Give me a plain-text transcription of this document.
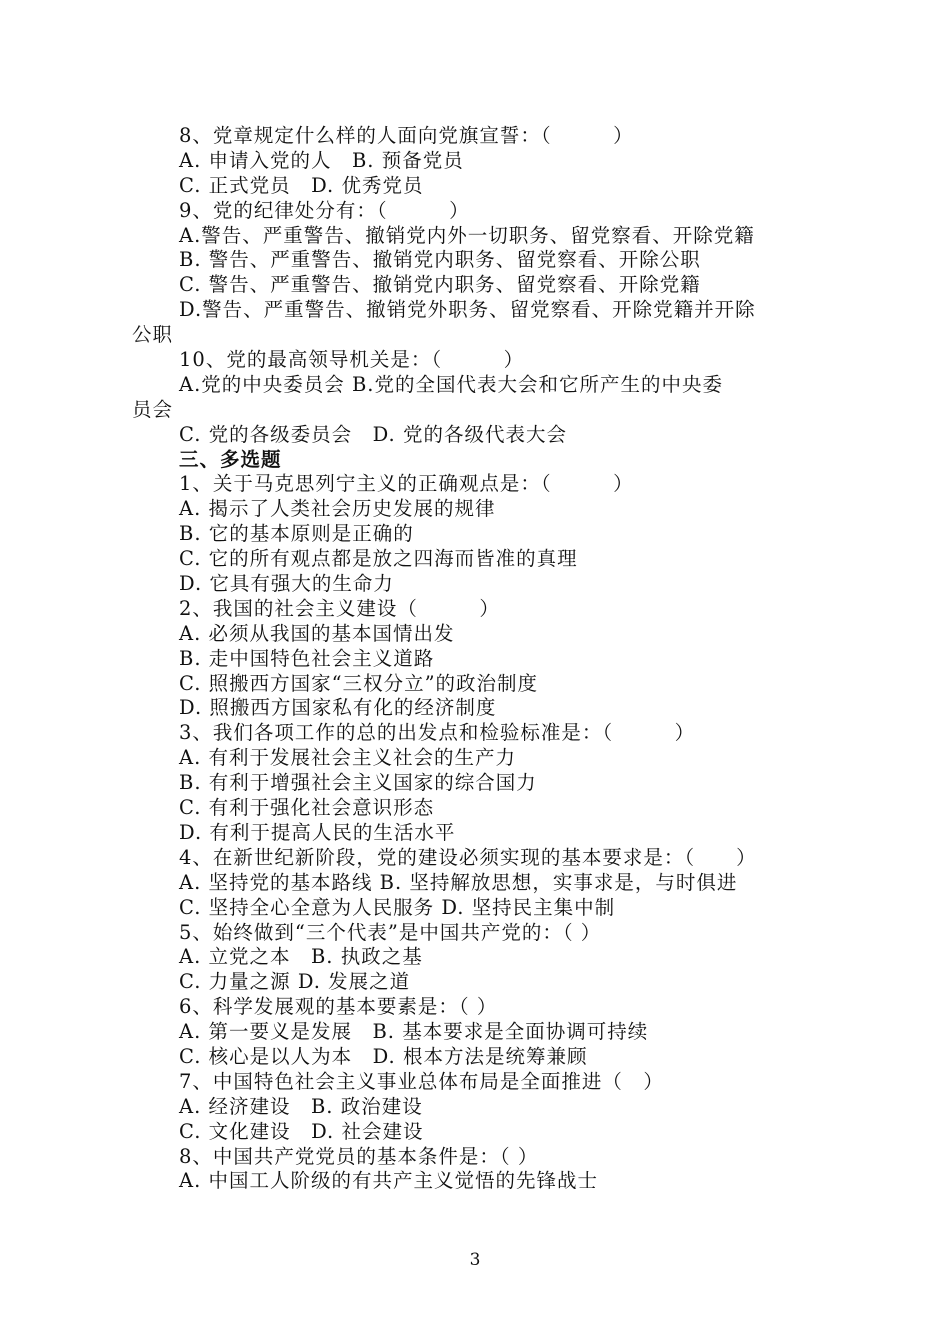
8、党章规定什么样的人面向党旗宣誓：（　　　）
A. 申请入党的人　B. 预备党员
C. 正式党员　D. 优秀党员
9、党的纪律处分有：（　　　）
A.警告、严重警告、撤销党内外一切职务、留党察看、开除党籍
B. 警告、严重警告、撤销党内职务、留党察看、开除公职
C. 警告、严重警告、撤销党内职务、留党察看、开除党籍
D.警告、严重警告、撤销党外职务、留党察看、开除党籍并开除
公职
10、党的最高领导机关是：（　　　）
A.党的中央委员会 B.党的全国代表大会和它所产生的中央委
员会
C. 党的各级委员会　D. 党的各级代表大会
三、多选题
1、关于马克思列宁主义的正确观点是：（　　　）
A. 揭示了人类社会历史发展的规律
B. 它的基本原则是正确的
C. 它的所有观点都是放之四海而皆准的真理
D. 它具有强大的生命力
2、我国的社会主义建设（　　　）
A. 必须从我国的基本国情出发
B. 走中国特色社会主义道路
C. 照搬西方国家“三权分立”的政治制度
D. 照搬西方国家私有化的经济制度
3、我们各项工作的总的出发点和检验标准是：（　　　）
A. 有利于发展社会主义社会的生产力
B. 有利于增强社会主义国家的综合国力
C. 有利于强化社会意识形态
D. 有利于提高人民的生活水平
4、在新世纪新阶段，党的建设必须实现的基本要求是：（　　）
A. 坚持党的基本路线 B. 坚持解放思想，实事求是，与时俱进
C. 坚持全心全意为人民服务 D. 坚持民主集中制
5、始终做到“三个代表”是中国共产党的：（ ）
A. 立党之本　B. 执政之基
C. 力量之源 D. 发展之道
6、科学发展观的基本要素是：（ ）
A. 第一要义是发展　B. 基本要求是全面协调可持续
C. 核心是以人为本　D. 根本方法是统筹兼顾
7、中国特色社会主义事业总体布局是全面推进（　）
A. 经济建设　B. 政治建设
C. 文化建设　D. 社会建设
8、中国共产党党员的基本条件是：（ ）
A. 中国工人阶级的有共产主义觉悟的先锋战士
3
